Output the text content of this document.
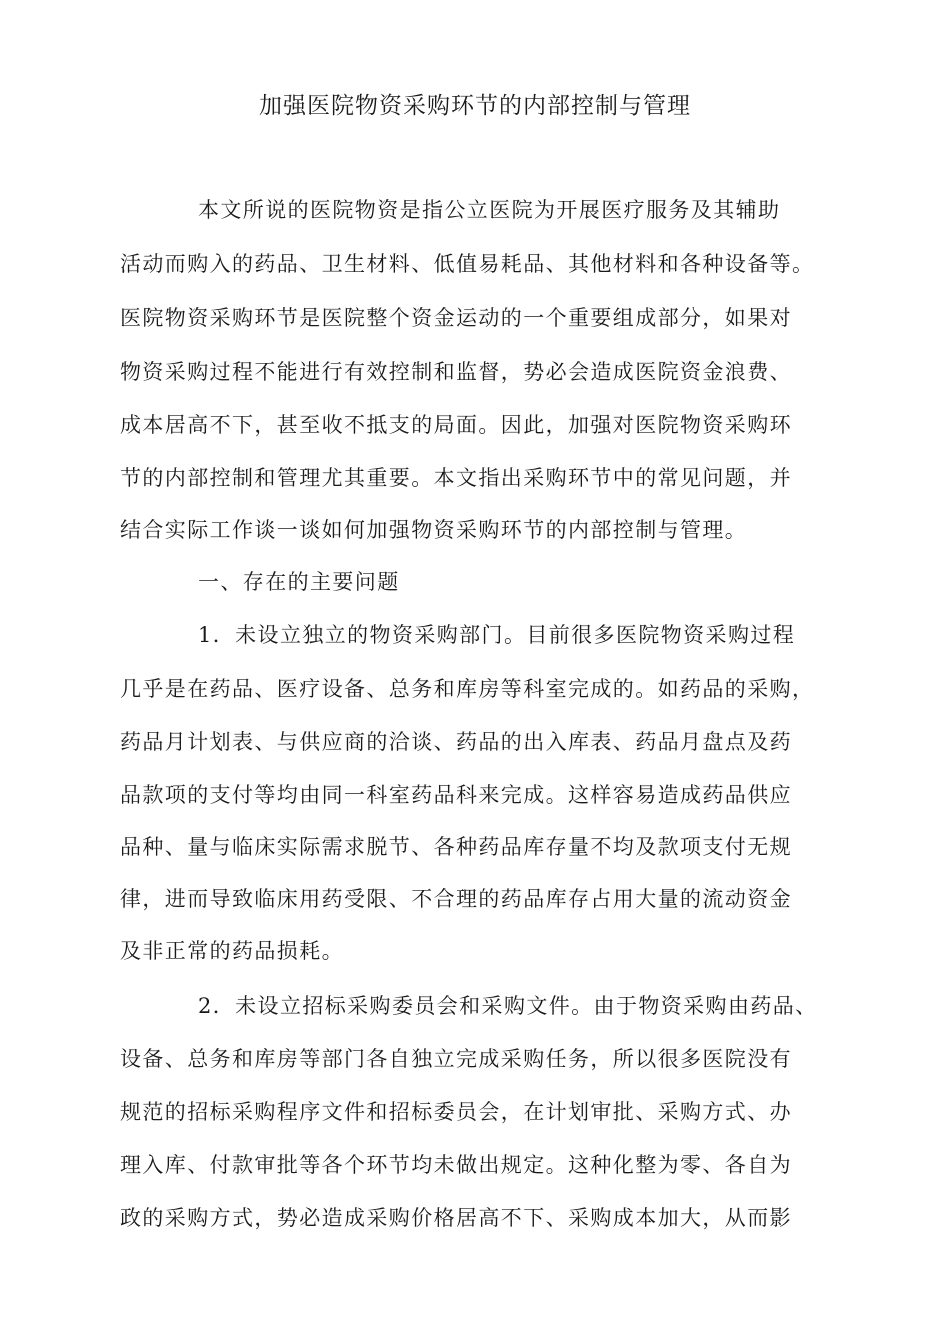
加强医院物资采购环节的内部控制与管理
本文所说的医院物资是指公立医院为开展医疗服务及其辅助
活动而购入的药品、卫生材料、低值易耗品、其他材料和各种设备等。
医院物资采购环节是医院整个资金运动的一个重要组成部分，如果对
物资采购过程不能进行有效控制和监督，势必会造成医院资金浪费、
成本居高不下，甚至收不抵支的局面。因此，加强对医院物资采购环
节的内部控制和管理尤其重要。本文指出采购环节中的常见问题，并
结合实际工作谈一谈如何加强物资采购环节的内部控制与管理。
一、存在的主要问题
1．未设立独立的物资采购部门。目前很多医院物资采购过程
几乎是在药品、医疗设备、总务和库房等科室完成的。如药品的采购，
药品月计划表、与供应商的洽谈、药品的出入库表、药品月盘点及药
品款项的支付等均由同一科室药品科来完成。这样容易造成药品供应
品种、量与临床实际需求脱节、各种药品库存量不均及款项支付无规
律，进而导致临床用药受限、不合理的药品库存占用大量的流动资金
及非正常的药品损耗。
2．未设立招标采购委员会和采购文件。由于物资采购由药品、
设备、总务和库房等部门各自独立完成采购任务，所以很多医院没有
规范的招标采购程序文件和招标委员会，在计划审批、采购方式、办
理入库、付款审批等各个环节均未做出规定。这种化整为零、各自为
政的采购方式，势必造成采购价格居高不下、采购成本加大，从而影
